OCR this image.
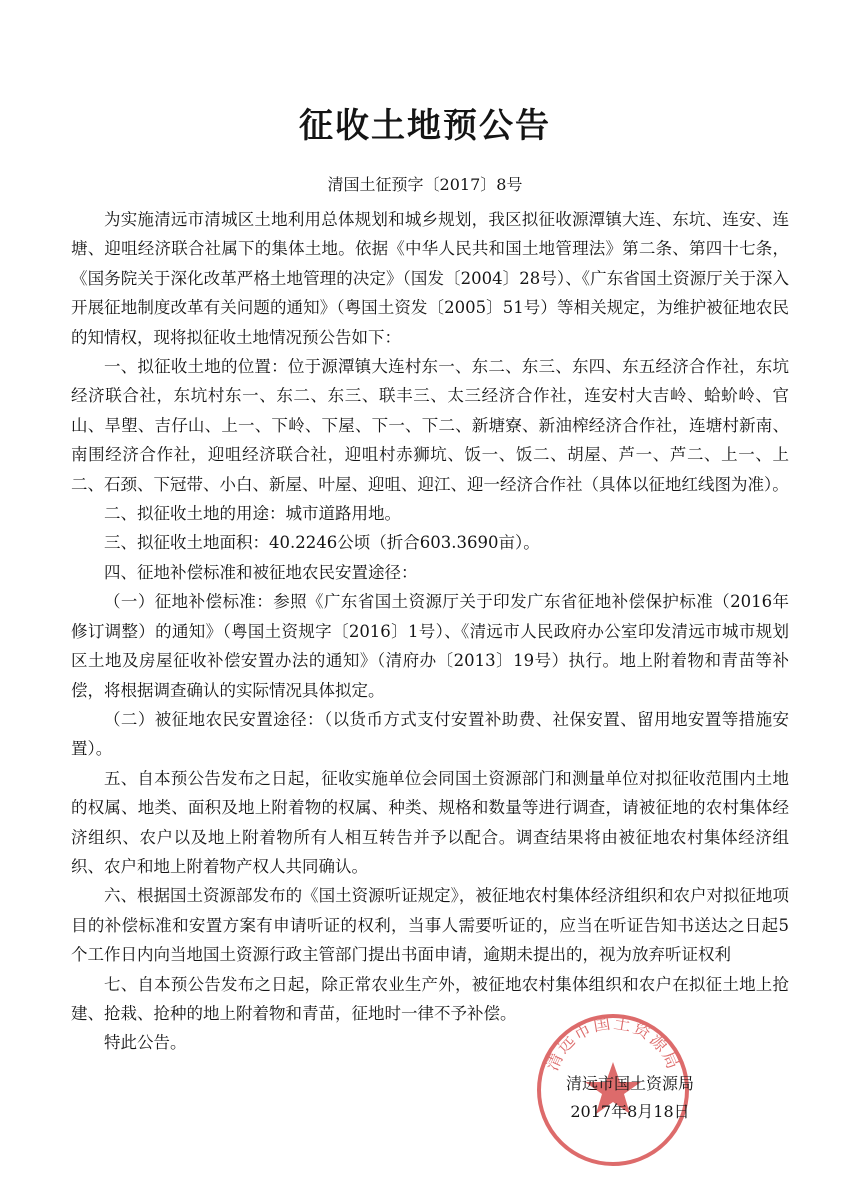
征收土地预公告
清国土征预字〔2017〕8号

为实施清远市清城区土地利用总体规划和城乡规划，我区拟征收源潭镇大连、东坑、连安、连塘、迎咀经济联合社属下的集体土地。依据《中华人民共和国土地管理法》第二条、第四十七条，《国务院关于深化改革严格土地管理的决定》（国发〔2004〕28号）、《广东省国土资源厅关于深入开展征地制度改革有关问题的通知》（粤国土资发〔2005〕51号）等相关规定，为维护被征地农民的知情权，现将拟征收土地情况预公告如下：

一、拟征收土地的位置：位于源潭镇大连村东一、东二、东三、东四、东五经济合作社，东坑经济联合社，东坑村东一、东二、东三、联丰三、太三经济合作社，连安村大吉岭、蛤蚧岭、官山、旱塱、吉仔山、上一、下岭、下屋、下一、下二、新塘寮、新油榨经济合作社，连塘村新南、南围经济合作社，迎咀经济联合社，迎咀村赤狮坑、饭一、饭二、胡屋、芦一、芦二、上一、上二、石颈、下冠带、小白、新屋、叶屋、迎咀、迎江、迎一经济合作社（具体以征地红线图为准）。

二、拟征收土地的用途：城市道路用地。

三、拟征收土地面积：40.2246公顷（折合603.3690亩）。

四、征地补偿标准和被征地农民安置途径：

（一）征地补偿标准：参照《广东省国土资源厅关于印发广东省征地补偿保护标准（2016年修订调整）的通知》（粤国土资规字〔2016〕1号）、《清远市人民政府办公室印发清远市城市规划区土地及房屋征收补偿安置办法的通知》（清府办〔2013〕19号）执行。地上附着物和青苗等补偿，将根据调查确认的实际情况具体拟定。

（二）被征地农民安置途径：（以货币方式支付安置补助费、社保安置、留用地安置等措施安置）。

五、自本预公告发布之日起，征收实施单位会同国土资源部门和测量单位对拟征收范围内土地的权属、地类、面积及地上附着物的权属、种类、规格和数量等进行调查，请被征地的农村集体经济组织、农户以及地上附着物所有人相互转告并予以配合。调查结果将由被征地农村集体经济组织、农户和地上附着物产权人共同确认。

六、根据国土资源部发布的《国土资源听证规定》，被征地农村集体经济组织和农户对拟征地项目的补偿标准和安置方案有申请听证的权利，当事人需要听证的，应当在听证告知书送达之日起5个工作日内向当地国土资源行政主管部门提出书面申请，逾期未提出的，视为放弃听证权利

七、自本预公告发布之日起，除正常农业生产外，被征地农村集体组织和农户在拟征土地上抢建、抢栽、抢种的地上附着物和青苗，征地时一律不予补偿。

特此公告。

清远市国土资源局
清远市国土资源局
2017年8月18日
